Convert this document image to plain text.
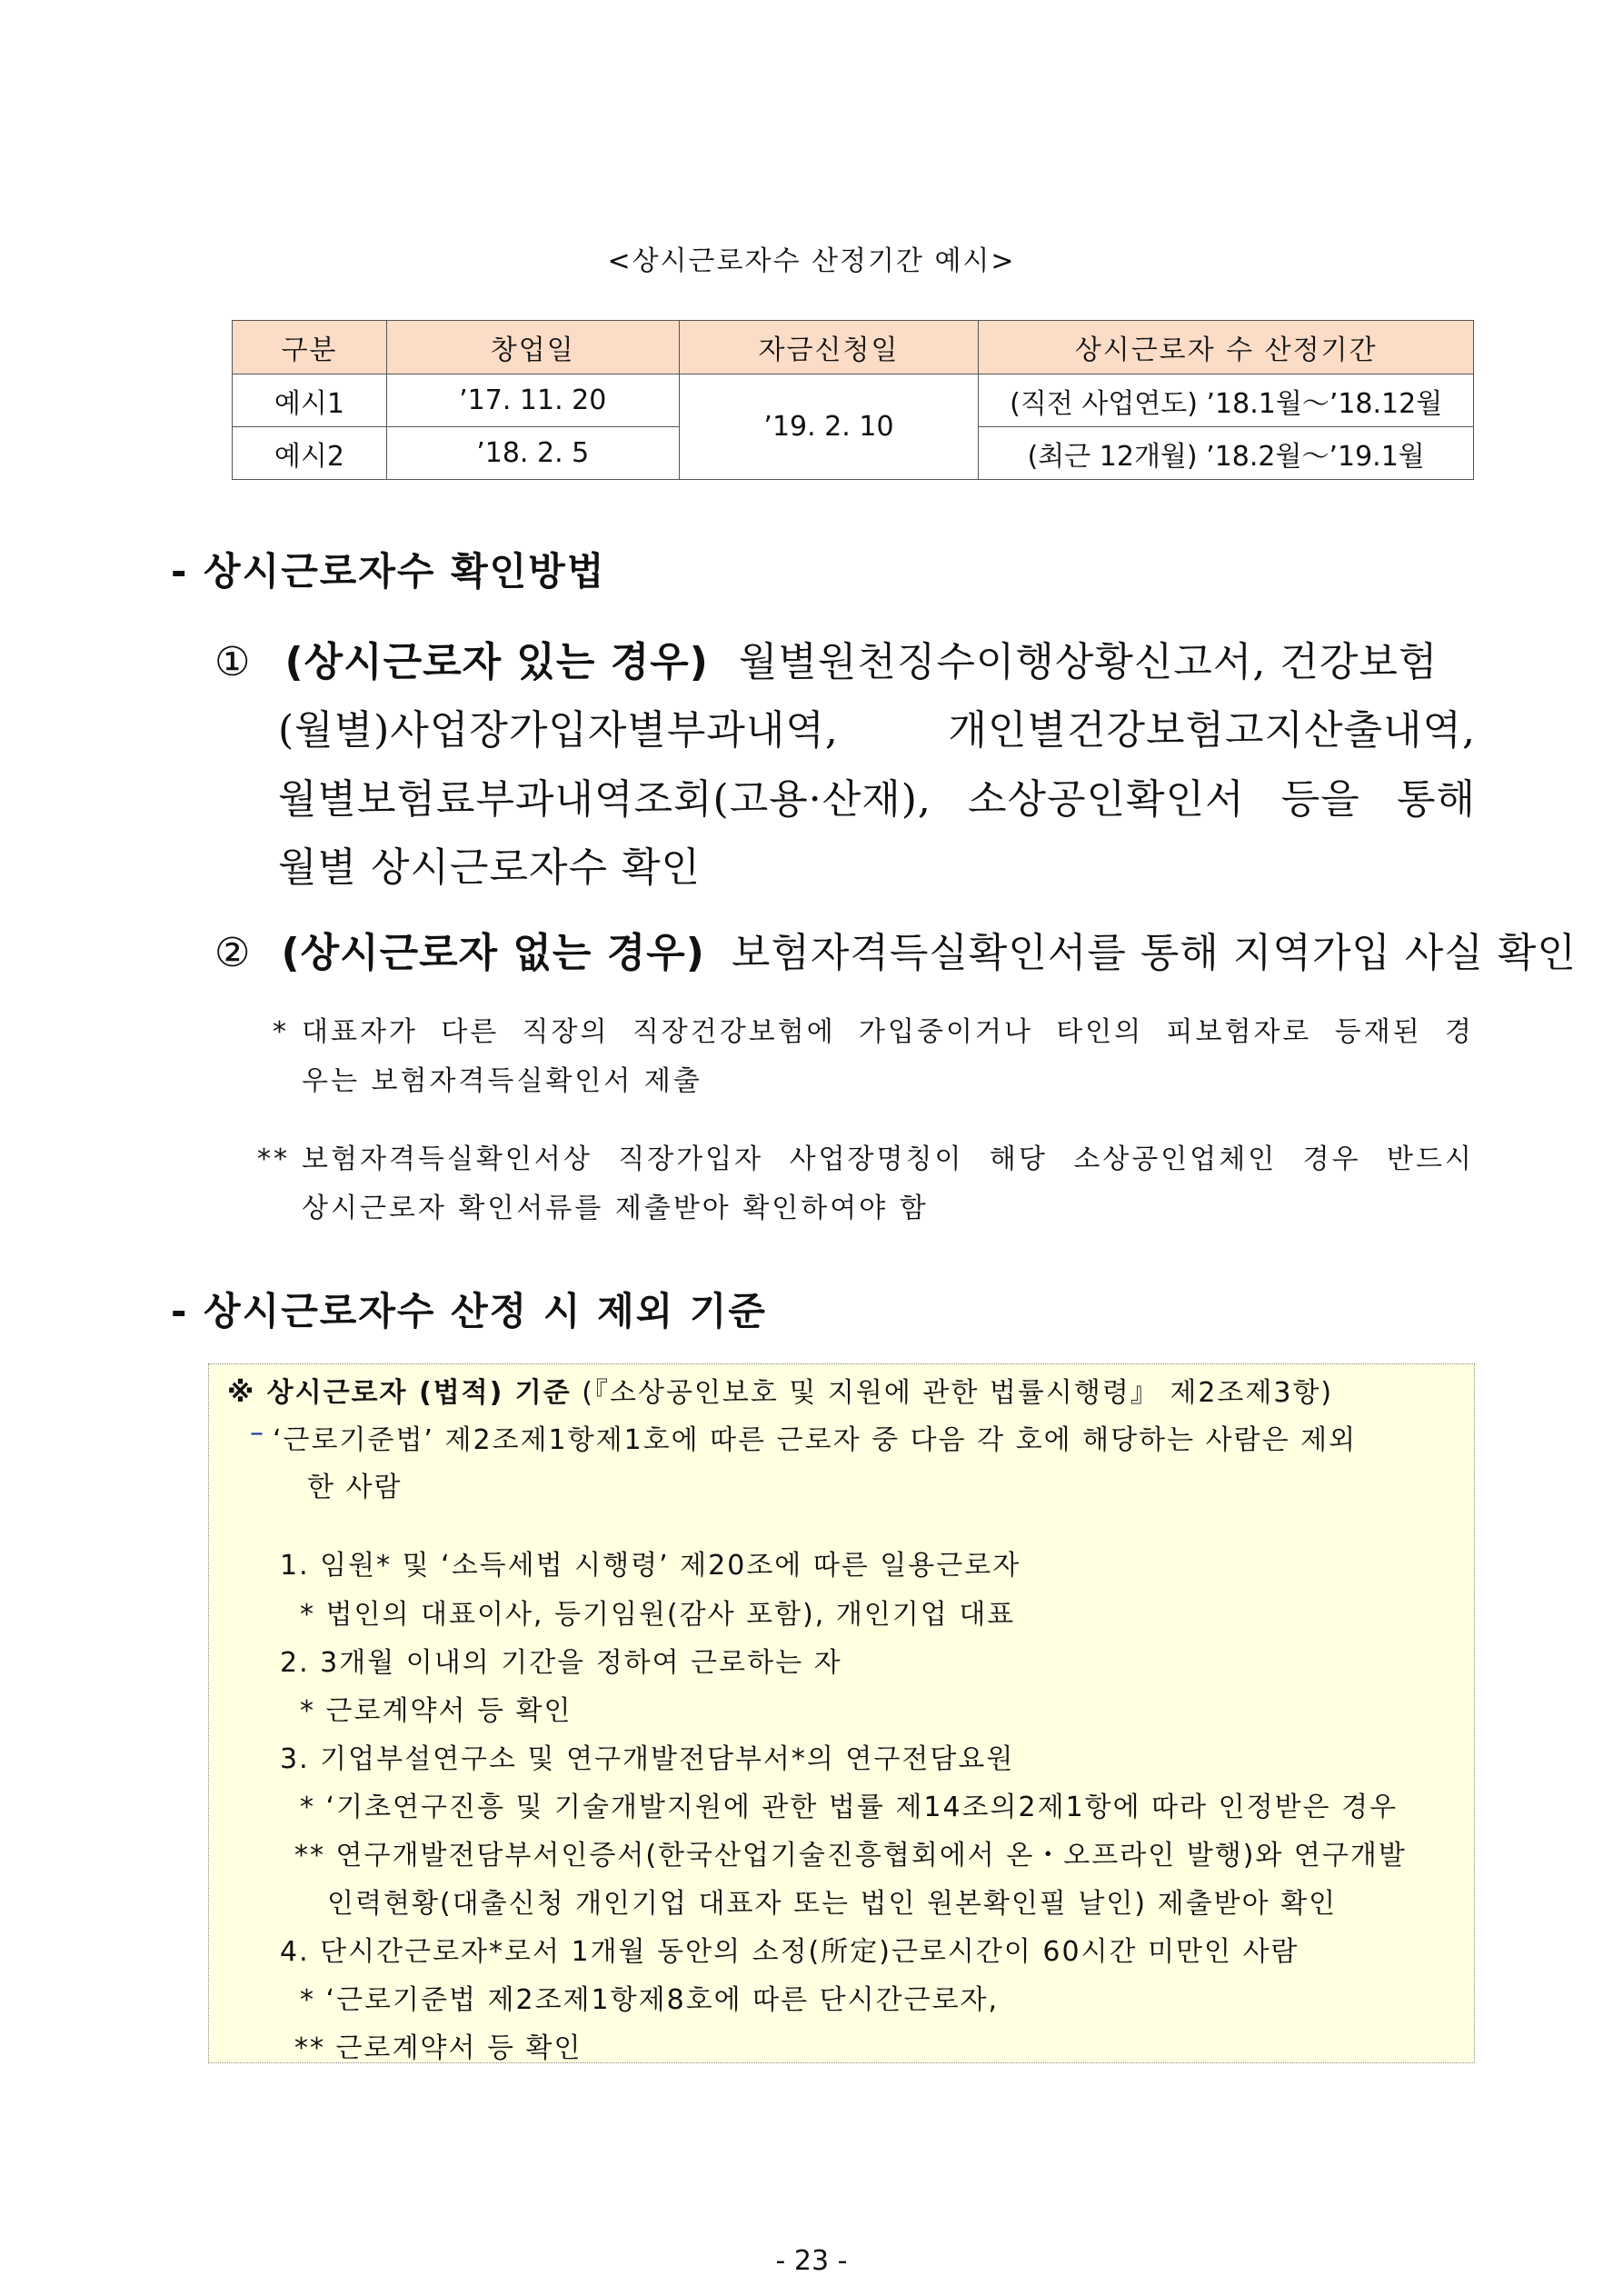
<상시근로자수 산정기간 예시>
구분	창업일	자금신청일	상시근로자 수 산정기간
예시1	’17. 11. 20	’19. 2. 10	(직전 사업연도) ’18.1월～’18.12월
예시2	’18. 2. 5		(최근 12개월) ’18.2월～’19.1월
- 상시근로자수 확인방법
① (상시근로자 있는 경우) 월별원천징수이행상황신고서, 건강보험
(월별)사업장가입자별부과내역, 개인별건강보험고지산출내역,
월별보험료부과내역조회(고용·산재), 소상공인확인서 등을 통해
월별 상시근로자수 확인
② (상시근로자 없는 경우) 보험자격득실확인서를 통해 지역가입 사실 확인
* 대표자가 다른 직장의 직장건강보험에 가입중이거나 타인의 피보험자로 등재된 경
우는 보험자격득실확인서 제출
** 보험자격득실확인서상 직장가입자 사업장명칭이 해당 소상공인업체인 경우 반드시
상시근로자 확인서류를 제출받아 확인하여야 함
- 상시근로자수 산정 시 제외 기준
※ 상시근로자 (법적) 기준 (『소상공인보호 및 지원에 관한 법률시행령』 제2조제3항)
– ‘근로기준법’ 제2조제1항제1호에 따른 근로자 중 다음 각 호에 해당하는 사람은 제외
한 사람
1. 임원* 및 ‘소득세법 시행령’ 제20조에 따른 일용근로자
* 법인의 대표이사, 등기임원(감사 포함), 개인기업 대표
2. 3개월 이내의 기간을 정하여 근로하는 자
* 근로계약서 등 확인
3. 기업부설연구소 및 연구개발전담부서*의 연구전담요원
* ‘기초연구진흥 및 기술개발지원에 관한 법률 제14조의2제1항에 따라 인정받은 경우
** 연구개발전담부서인증서(한국산업기술진흥협회에서 온・오프라인 발행)와 연구개발
인력현황(대출신청 개인기업 대표자 또는 법인 원본확인필 날인) 제출받아 확인
4. 단시간근로자*로서 1개월 동안의 소정(所定)근로시간이 60시간 미만인 사람
* ‘근로기준법 제2조제1항제8호에 따른 단시간근로자,
** 근로계약서 등 확인
- 23 -
